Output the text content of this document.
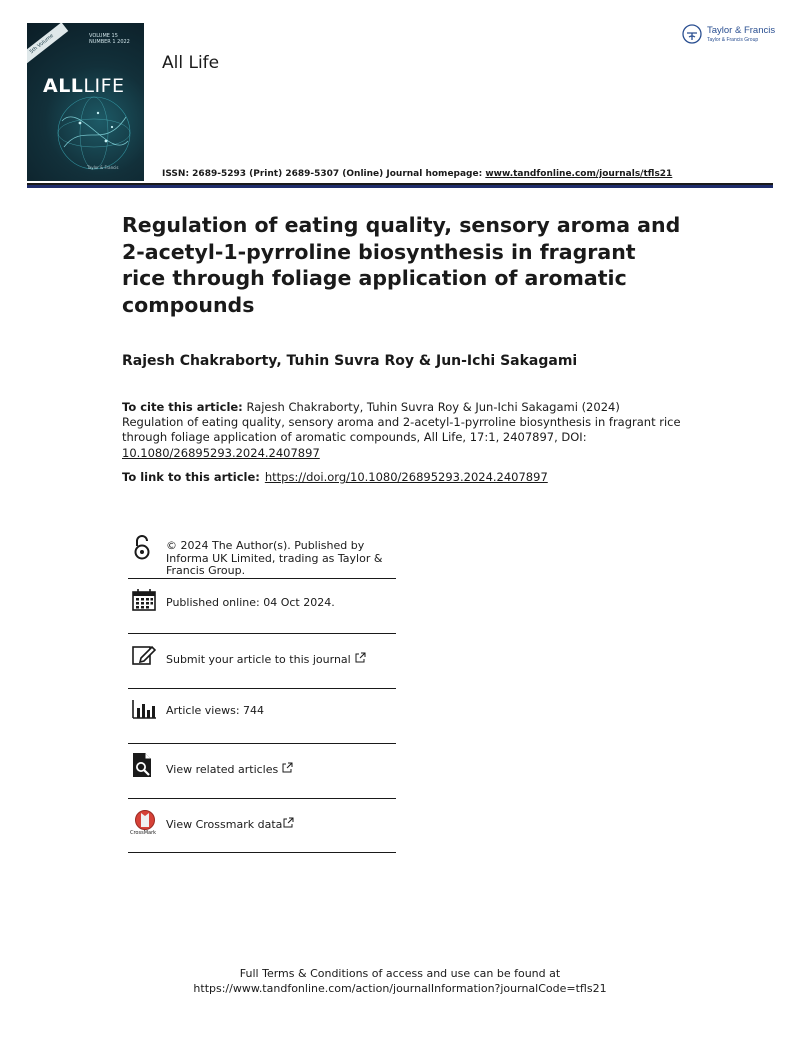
5th Volume	VOLUME 15 NUMBER 1 2022
ALLLIFE
Taylor & Francis
All Life
Taylor & Francis
Taylor & Francis Group
ISSN: 2689-5293 (Print) 2689-5307 (Online) Journal homepage: www.tandfonline.com/journals/tfls21
Regulation of eating quality, sensory aroma and 2-acetyl-1-pyrroline biosynthesis in fragrant rice through foliage application of aromatic compounds
Rajesh Chakraborty, Tuhin Suvra Roy & Jun-Ichi Sakagami
To cite this article: Rajesh Chakraborty, Tuhin Suvra Roy & Jun-Ichi Sakagami (2024) Regulation of eating quality, sensory aroma and 2-acetyl-1-pyrroline biosynthesis in fragrant rice through foliage application of aromatic compounds, All Life, 17:1, 2407897, DOI: 10.1080/26895293.2024.2407897
To link to this article: https://doi.org/10.1080/26895293.2024.2407897
© 2024 The Author(s). Published by Informa UK Limited, trading as Taylor & Francis Group.
Published online: 04 Oct 2024.
Submit your article to this journal
Article views: 744
View related articles
CrossMark
View Crossmark data
Full Terms & Conditions of access and use can be found at
https://www.tandfonline.com/action/journalInformation?journalCode=tfls21
